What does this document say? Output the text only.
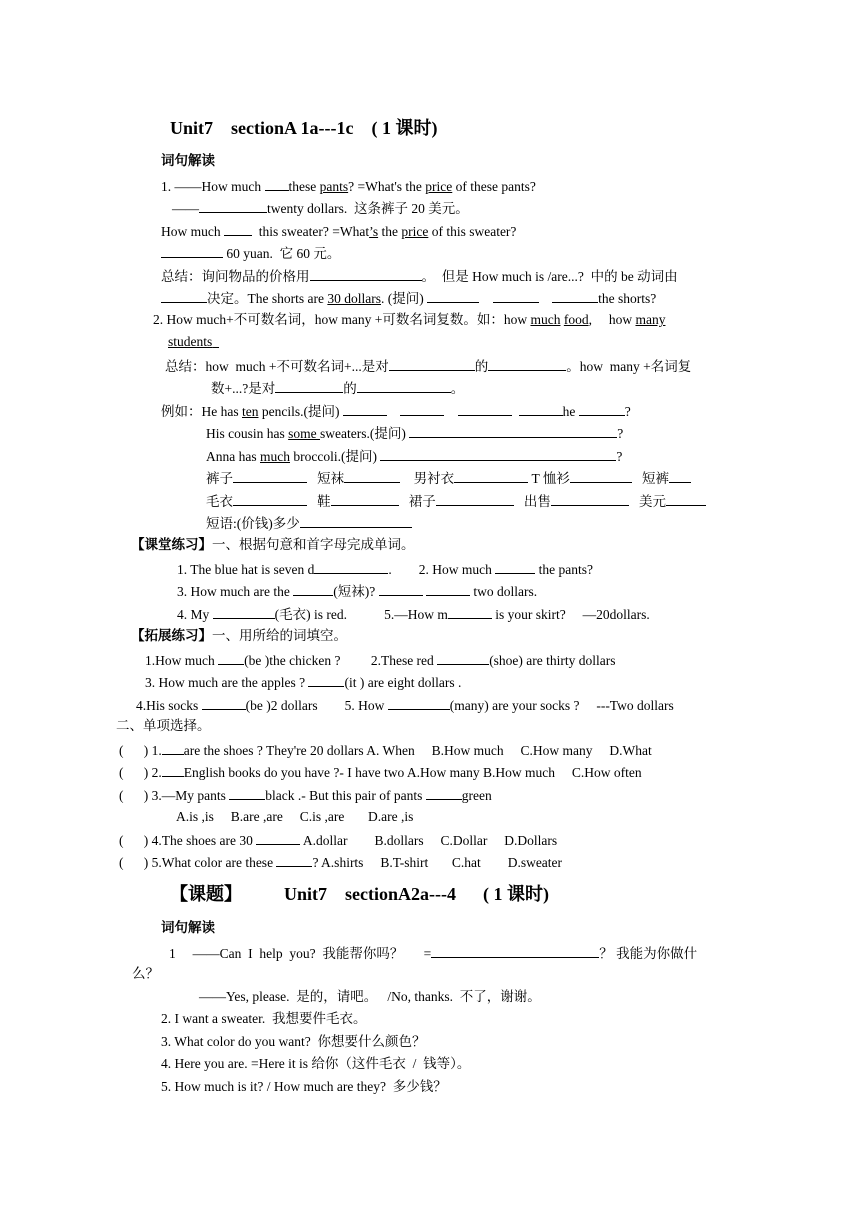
Unit7    sectionA 1a---1c    ( 1 课时)
词句解读
1. ——How much these pants? =What's the price of these pants?
——	twenty dollars.  这条裤子 20 美元。
How much   this sweater? =What’s the price of this sweater?
60 yuan.  它 60 元。
总结：询问物品的价格用	。  但是 How much is /are...?  中的 be 动词由
决定。The shorts are 30 dollars. (提问)	the shorts?
2. How much+不可数名词，how many +可数名词复数。如：how much food,     how many
students
总结：how  much +不可数名词+...是对	的	。how  many +名词复
数+...?是对	的	。
例如：He has ten pencils.(提问)	he	?
His cousin has some sweaters.(提问)	?
Anna has much broccoli.(提问)	?
裤子	短袜	男衬衣	T 恤衫	短裤
毛衣	鞋	裙子	出售	美元
短语:(价钱)多少
【课堂练习】一、根据句意和首字母完成单词。
1. The blue hat is seven d	. 2. How much	the pants?
3. How much are the	(短袜)?	two dollars.
4. My	(毛衣) is red.	5.—How m	is your skirt?     —20dollars.
【拓展练习】一、用所给的词填空。
1.How much (be )the chicken ? 2.These red	(shoe) are thirty dollars
3. How much are the apples ?	(it ) are eight dollars .
4.His socks	(be )2 dollars 5. How	(many) are your socks ?     ---Two dollars
二、单项选择。
(      ) 1. are the shoes ? They're 20 dollars A. When     B.How much     C.How many     D.What
(      ) 2. English books do you have ?- I have two A.How many B.How much     C.How often
(      ) 3.—My pants	black .- But this pair of pants	green
A.is ,is     B.are ,are     C.is ,are       D.are ,is
(      ) 4.The shoes are 30	A.dollar        B.dollars     C.Dollar     D.Dollars
(      ) 5.What color are these	? A.shirts     B.T-shirt       C.hat        D.sweater
【课题】 Unit7    sectionA2a---4      ( 1 课时)
词句解读
1     ——Can  I  help  you?  我能帮你吗？      =	？ 我能为你做什
么？
——Yes, please.  是的，请吧。   /No, thanks.  不了，谢谢。
2. I want a sweater.  我想要件毛衣。
3. What color do you want?  你想要什么颜色？
4. Here you are. =Here it is 给你（这件毛衣  /  钱等）。
5. How much is it? / How much are they?  多少钱？
